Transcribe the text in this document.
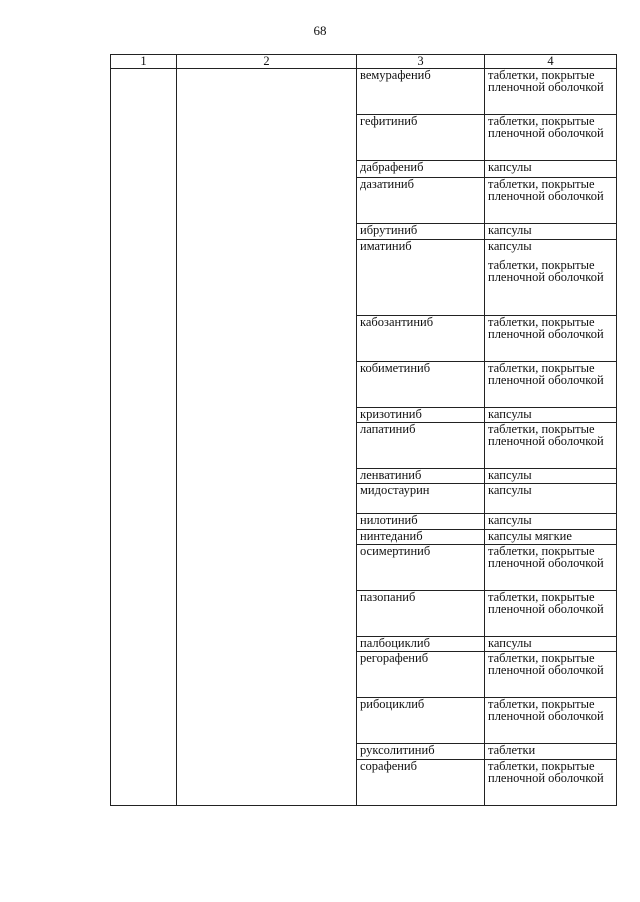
68
1	2	3	4
		вемурафениб	таблетки, покрытые пленочной оболочкой

		гефитиниб	таблетки, покрытые пленочной оболочкой

		дабрафениб	капсулы

		дазатиниб	таблетки, покрытые пленочной оболочкой

		ибрутиниб	капсулы

		иматиниб	капсулы
таблетки, покрытые пленочной оболочкой

		кабозантиниб	таблетки, покрытые пленочной оболочкой

		кобиметиниб	таблетки, покрытые пленочной оболочкой

		кризотиниб	капсулы

		лапатиниб	таблетки, покрытые пленочной оболочкой

		ленватиниб	капсулы

		мидостаурин	капсулы

		нилотиниб	капсулы

		нинтеданиб	капсулы мягкие

		осимертиниб	таблетки, покрытые пленочной оболочкой

		пазопаниб	таблетки, покрытые пленочной оболочкой

		палбоциклиб	капсулы

		регорафениб	таблетки, покрытые пленочной оболочкой

		рибоциклиб	таблетки, покрытые пленочной оболочкой

		руксолитиниб	таблетки

		сорафениб	таблетки, покрытые пленочной оболочкой
